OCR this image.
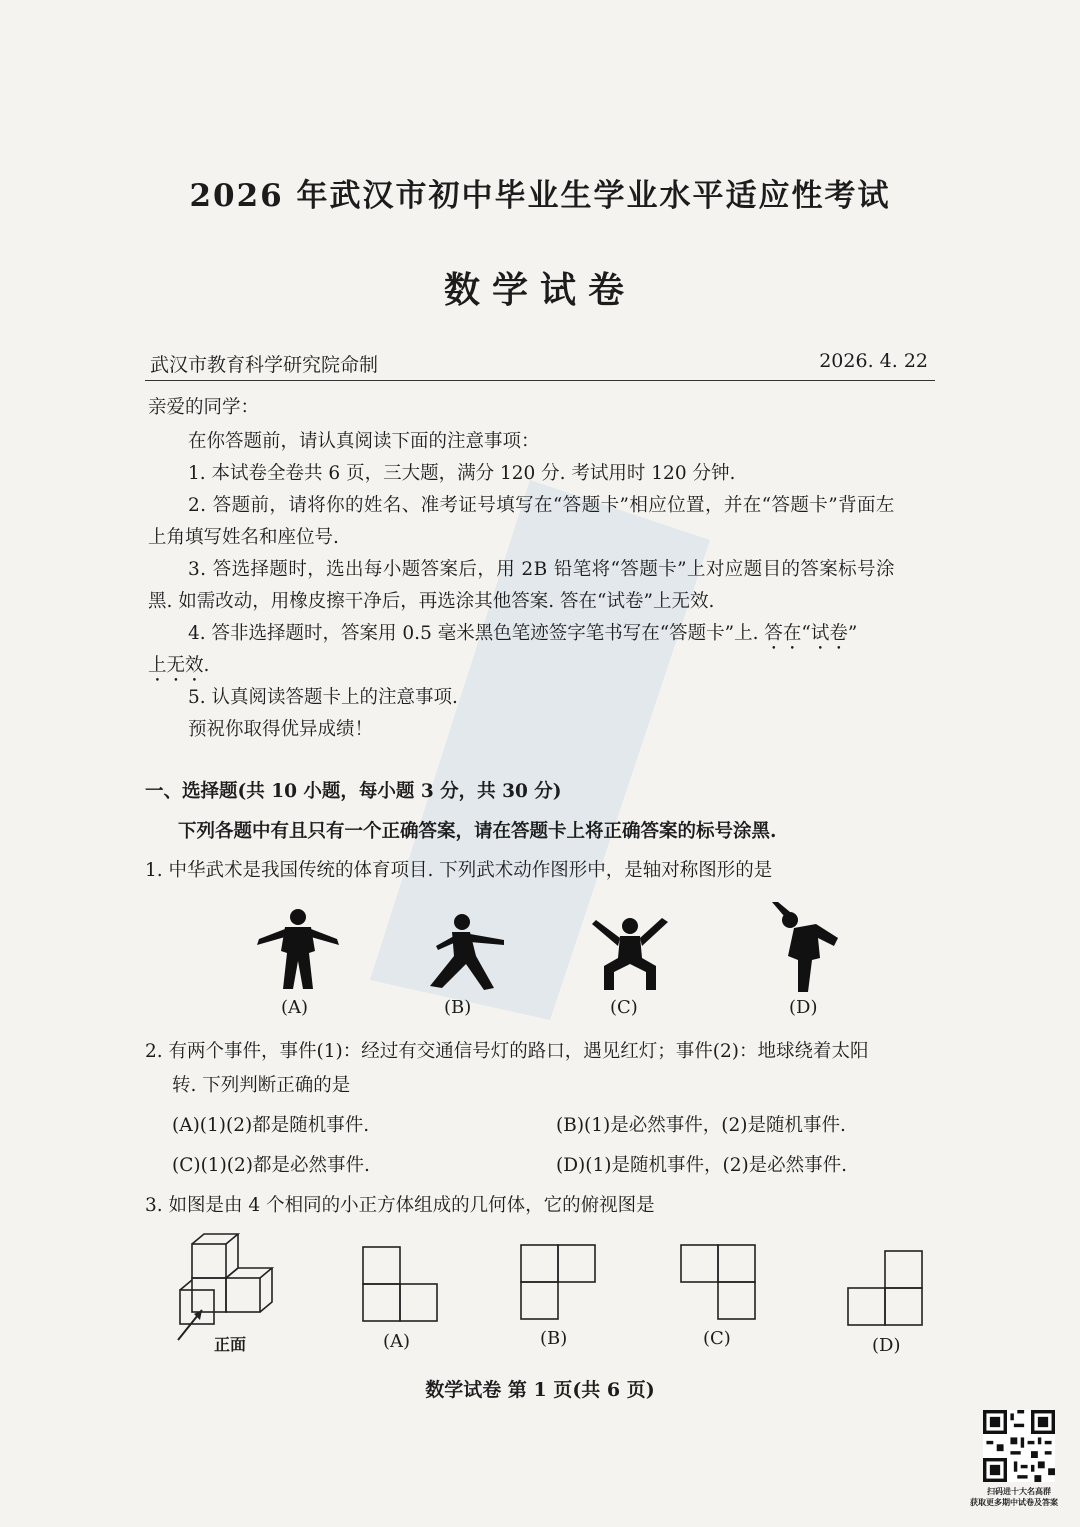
2026 年武汉市初中毕业生学业水平适应性考试
数学试卷
武汉市教育科学研究院命制	2026. 4. 22
亲爱的同学：
在你答题前，请认真阅读下面的注意事项：
1. 本试卷全卷共 6 页，三大题，满分 120 分. 考试用时 120 分钟.
2. 答题前，请将你的姓名、准考证号填写在“答题卡”相应位置，并在“答题卡”背面左
上角填写姓名和座位号.
3. 答选择题时，选出每小题答案后，用 2B 铅笔将“答题卡”上对应题目的答案标号涂
黑. 如需改动，用橡皮擦干净后，再选涂其他答案. 答在“试卷”上无效.
4. 答非选择题时，答案用 0.5 毫米黑色笔迹签字笔书写在“答题卡”上. 答在“试卷”
上无效.
5. 认真阅读答题卡上的注意事项.
预祝你取得优异成绩！
一、选择题(共 10 小题，每小题 3 分，共 30 分)
下列各题中有且只有一个正确答案，请在答题卡上将正确答案的标号涂黑.
1. 中华武术是我国传统的体育项目. 下列武术动作图形中，是轴对称图形的是
(A)	(B)	(C)	(D)
2. 有两个事件，事件(1)：经过有交通信号灯的路口，遇见红灯；事件(2)：地球绕着太阳
转. 下列判断正确的是
(A)(1)(2)都是随机事件.	(B)(1)是必然事件，(2)是随机事件.
(C)(1)(2)都是必然事件.	(D)(1)是随机事件，(2)是必然事件.
3. 如图是由 4 个相同的小正方体组成的几何体，它的俯视图是
正面	(A)	(B)	(C)	(D)
数学试卷 第 1 页(共 6 页)
扫码进十大名高群
获取更多期中试卷及答案
